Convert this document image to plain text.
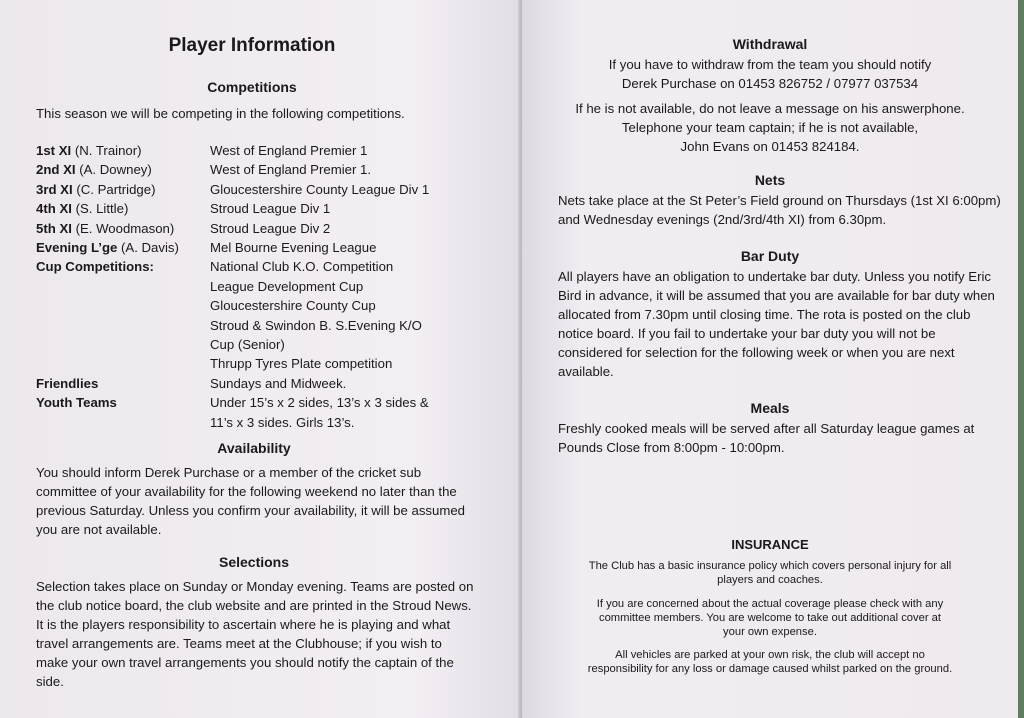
Player Information
Competitions
This season we will be competing in the following competitions.
1st XI (N. Trainor)	West of England Premier 1
2nd XI (A. Downey)	West of England Premier 1.
3rd XI (C. Partridge)	Gloucestershire County League Div 1
4th XI (S. Little)	Stroud League Div 1
5th XI (E. Woodmason)	Stroud League Div 2
Evening L’ge (A. Davis)	Mel Bourne Evening League
Cup Competitions:	National Club K.O. Competition
	League Development Cup
	Gloucestershire County Cup
	Stroud & Swindon B. S.Evening K/O
	Cup (Senior)
	Thrupp Tyres Plate competition
Friendlies	Sundays and Midweek.
Youth Teams	Under 15’s x 2 sides, 13’s x 3 sides &
	11’s x 3 sides. Girls 13’s.
Availability
You should inform Derek Purchase or a member of the cricket sub
committee of your availability for the following weekend no later than the
previous Saturday. Unless you confirm your availability, it will be assumed
you are not available.
Selections
Selection takes place on Sunday or Monday evening. Teams are posted on
the club notice board, the club website and are printed in the Stroud News.
It is the players responsibility to ascertain where he is playing and what
travel arrangements are. Teams meet at the Clubhouse; if you wish to
make your own travel arrangements you should notify the captain of the
side.
Withdrawal
If you have to withdraw from the team you should notify
Derek Purchase on 01453 826752 / 07977 037534
If he is not available, do not leave a message on his answerphone.
Telephone your team captain; if he is not available,
John Evans on 01453 824184.
Nets
Nets take place at the St Peter’s Field ground on Thursdays (1st XI 6:00pm)
and Wednesday evenings (2nd/3rd/4th XI) from 6.30pm.
Bar Duty
All players have an obligation to undertake bar duty. Unless you notify Eric
Bird in advance, it will be assumed that you are available for bar duty when
allocated from 7.30pm until closing time. The rota is posted on the club
notice board. If you fail to undertake your bar duty you will not be
considered for selection for the following week or when you are next
available.
Meals
Freshly cooked meals will be served after all Saturday league games at
Pounds Close from 8:00pm - 10:00pm.
INSURANCE
The Club has a basic insurance policy which covers personal injury for all
players and coaches.
If you are concerned about the actual coverage please check with any
committee members. You are welcome to take out additional cover at
your own expense.
All vehicles are parked at your own risk, the club will accept no
responsibility for any loss or damage caused whilst parked on the ground.
